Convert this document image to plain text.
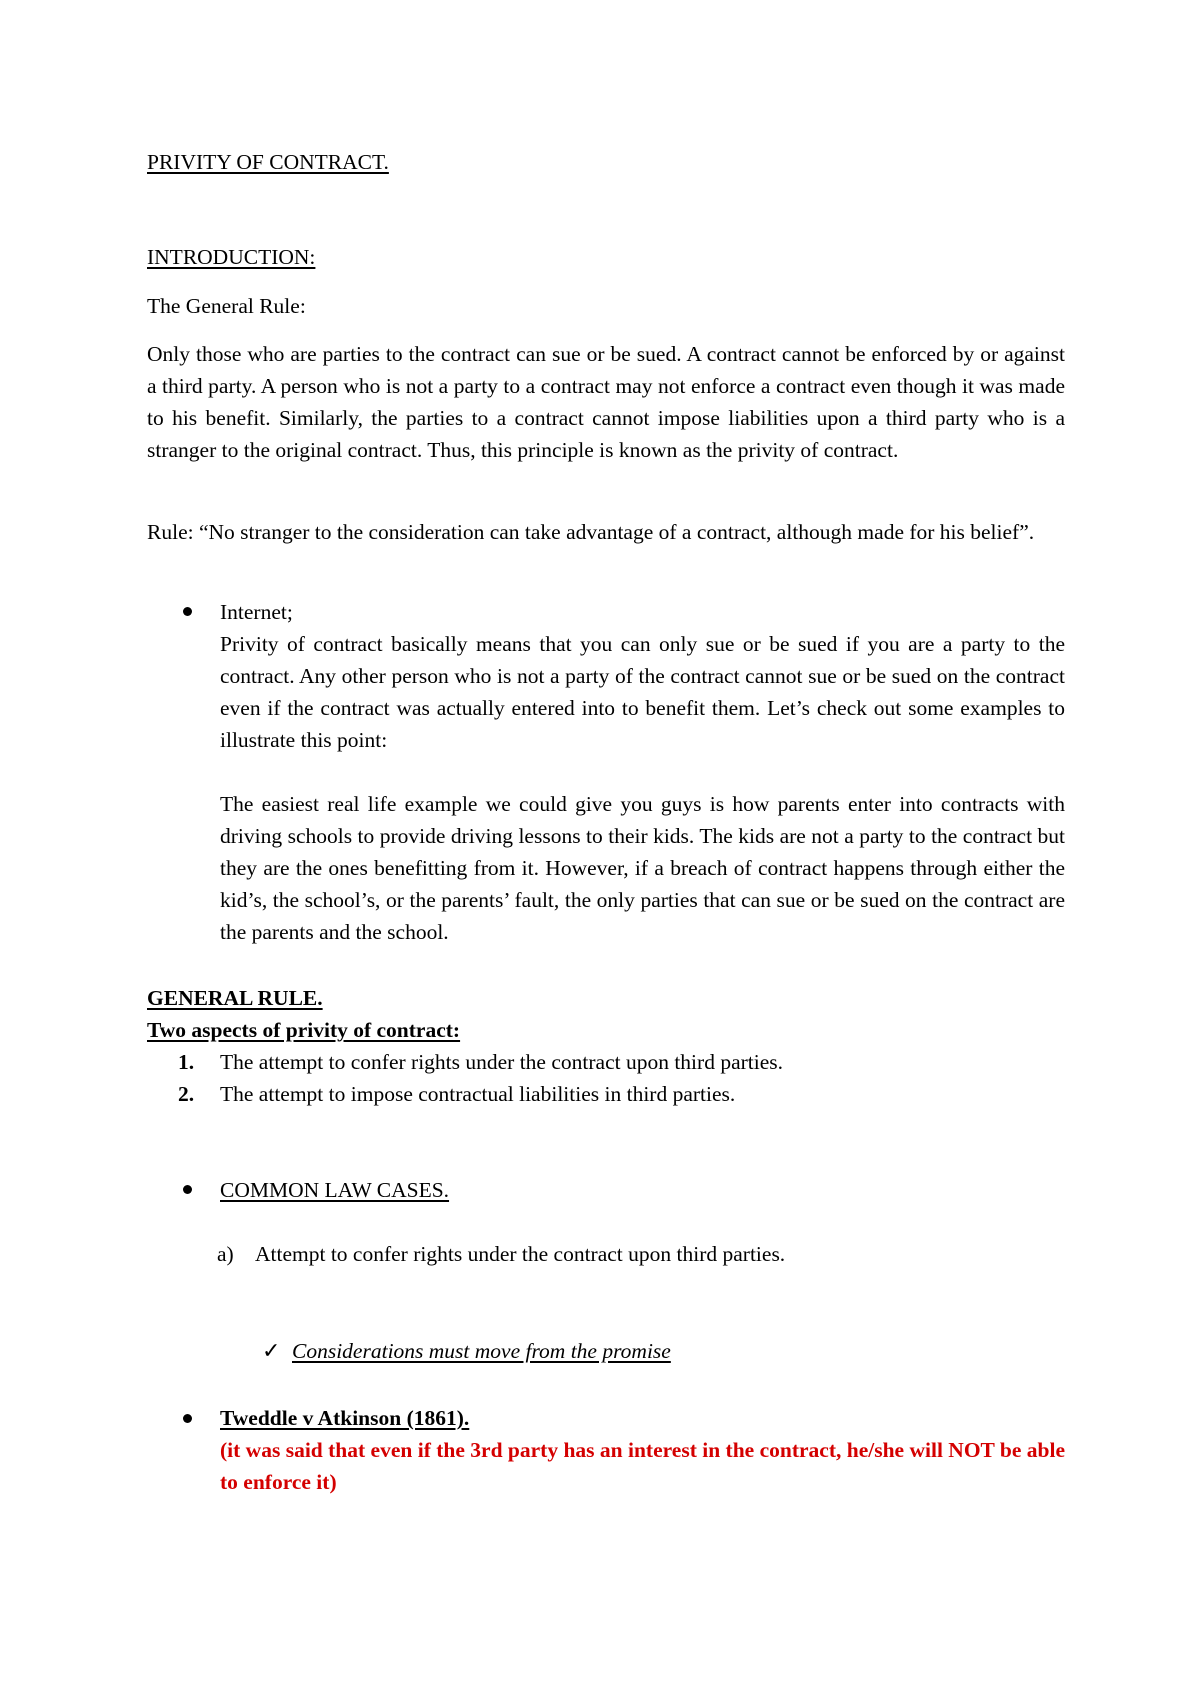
PRIVITY OF CONTRACT.

INTRODUCTION:

The General Rule:

Only those who are parties to the contract can sue or be sued. A contract cannot be enforced by or against a third party. A person who is not a party to a contract may not enforce a contract even though it was made to his benefit. Similarly, the parties to a contract cannot impose liabilities upon a third party who is a stranger to the original contract. Thus, this principle is known as the privity of contract.

Rule: “No stranger to the consideration can take advantage of a contract, although made for his belief”.

Internet;

Privity of contract basically means that you can only sue or be sued if you are a party to the contract. Any other person who is not a party of the contract cannot sue or be sued on the contract even if the contract was actually entered into to benefit them. Let’s check out some examples to illustrate this point:

The easiest real life example we could give you guys is how parents enter into contracts with driving schools to provide driving lessons to their kids. The kids are not a party to the contract but they are the ones benefitting from it. However, if a breach of contract happens through either the kid’s, the school’s, or the parents’ fault, the only parties that can sue or be sued on the contract are the parents and the school.

GENERAL RULE.

Two aspects of privity of contract:

1. The attempt to confer rights under the contract upon third parties.

2. The attempt to impose contractual liabilities in third parties.

COMMON LAW CASES.

a) Attempt to confer rights under the contract upon third parties.

✓ Considerations must move from the promise

Tweddle v Atkinson (1861).

(it was said that even if the 3rd party has an interest in the contract, he/she will NOT be able to enforce it)
